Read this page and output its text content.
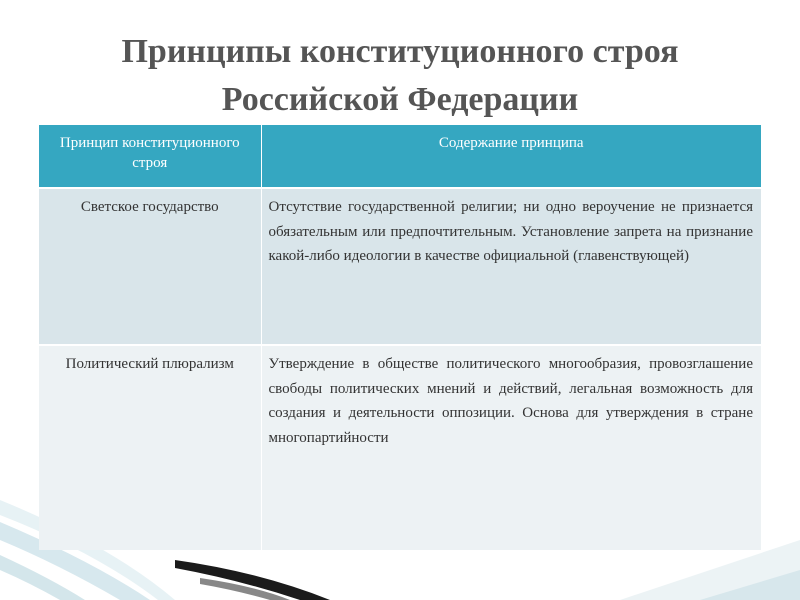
Принципы конституционного строя
Российской Федерации
Принцип конституционного строя	Содержание принципа
Светское государство	Отсутствие государственной религии; ни одно вероучение не признается обязательным или предпочтительным. Установление запрета на признание какой-либо идеологии в качестве официальной (главенствующей)
Политический плюрализм	Утверждение в обществе политического многообразия, провозглашение свободы политических мнений и действий, легальная возможность для создания и деятельности оппозиции. Основа для утверждения в стране многопартийности
